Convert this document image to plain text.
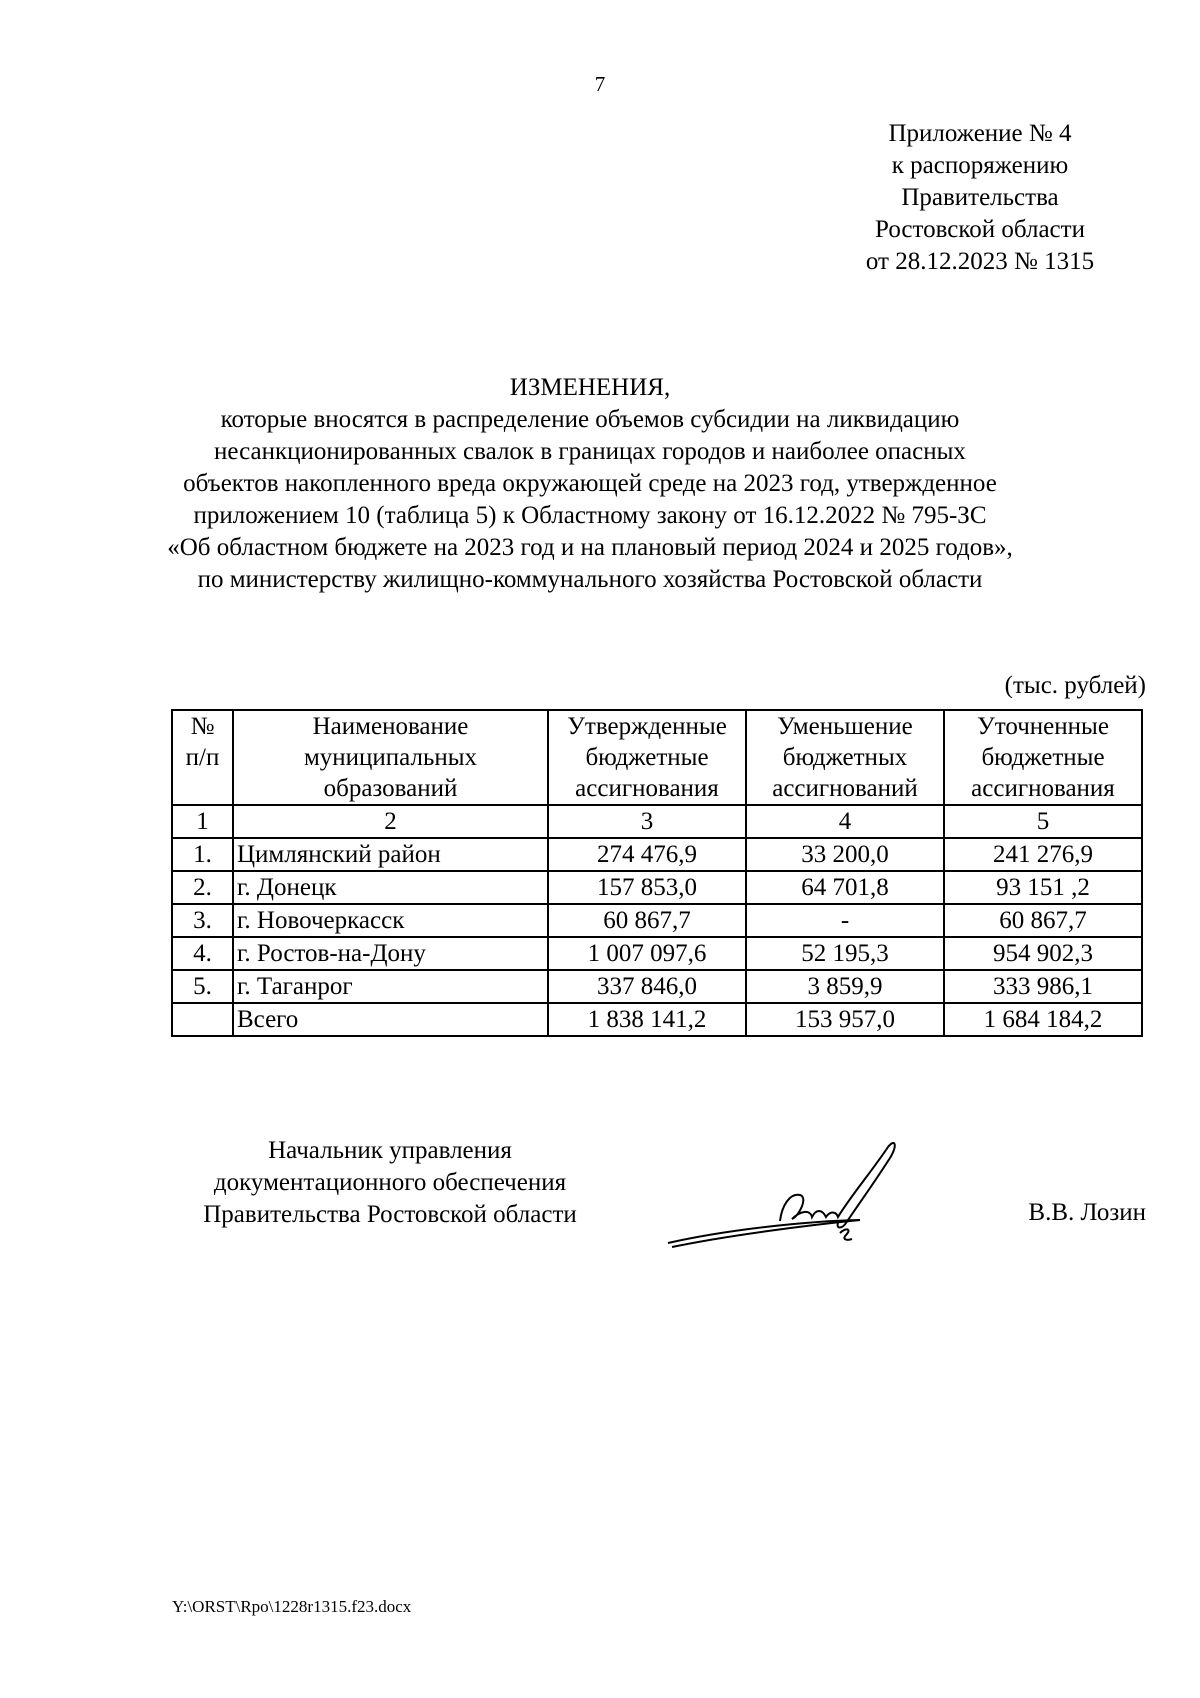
7
Приложение № 4
к распоряжению
Правительства
Ростовской области
от 28.12.2023 № 1315
ИЗМЕНЕНИЯ,
которые вносятся в распределение объемов субсидии на ликвидацию
несанкционированных свалок в границах городов и наиболее опасных
объектов накопленного вреда окружающей среде на 2023 год, утвержденное
приложением 10 (таблица 5) к Областному закону от 16.12.2022 № 795-ЗС
«Об областном бюджете на 2023 год и на плановый период 2024 и 2025 годов»,
по министерству жилищно-коммунального хозяйства Ростовской области
(тыс. рублей)
№
п/п	Наименование
муниципальных
образований	Утвержденные
бюджетные
ассигнования	Уменьшение
бюджетных
ассигнований	Уточненные
бюджетные
ассигнования

1	2	3	4	5
1.	Цимлянский район	274 476,9	33 200,0	241 276,9
2.	г. Донецк	157 853,0	64 701,8	93 151 ,2
3.	г. Новочеркасск	60 867,7	-	60 867,7
4.	г. Ростов-на-Дону	1 007 097,6	52 195,3	954 902,3
5.	г. Таганрог	337 846,0	3 859,9	333 986,1
	Всего	1 838 141,2	153 957,0	1 684 184,2
Начальник управления
документационного обеспечения
Правительства Ростовской области	В.В. Лозин
Y:\ORST\Rpo\1228r1315.f23.docx
